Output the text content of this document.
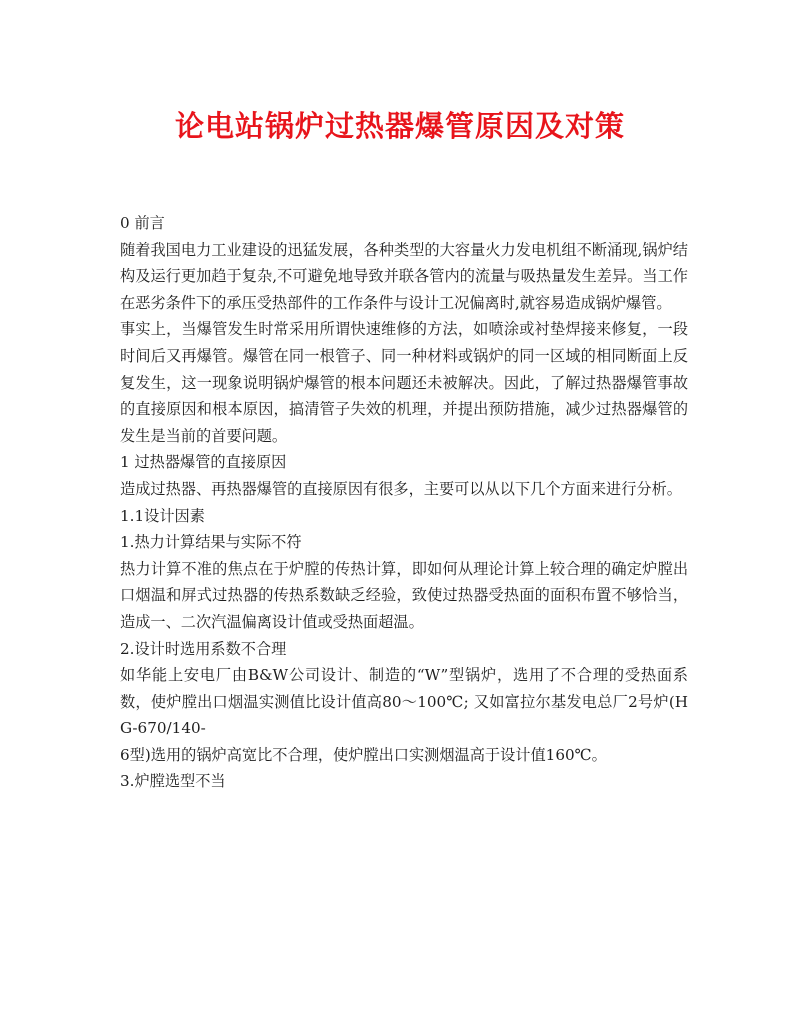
论电站锅炉过热器爆管原因及对策

0 前言

随着我国电力工业建设的迅猛发展，各种类型的大容量火力发电机组不断涌现,锅炉结构及运行更加趋于复杂,不可避免地导致并联各管内的流量与吸热量发生差异。当工作在恶劣条件下的承压受热部件的工作条件与设计工况偏离时,就容易造成锅炉爆管。

事实上，当爆管发生时常采用所谓快速维修的方法，如喷涂或衬垫焊接来修复，一段时间后又再爆管。爆管在同一根管子、同一种材料或锅炉的同一区域的相同断面上反复发生，这一现象说明锅炉爆管的根本问题还未被解决。因此，了解过热器爆管事故的直接原因和根本原因，搞清管子失效的机理，并提出预防措施，减少过热器爆管的发生是当前的首要问题。

1 过热器爆管的直接原因

造成过热器、再热器爆管的直接原因有很多，主要可以从以下几个方面来进行分析。

1.1设计因素

1.热力计算结果与实际不符

热力计算不准的焦点在于炉膛的传热计算，即如何从理论计算上较合理的确定炉膛出口烟温和屏式过热器的传热系数缺乏经验，致使过热器受热面的面积布置不够恰当，造成一、二次汽温偏离设计值或受热面超温。

2.设计时选用系数不合理

如华能上安电厂由B&W公司设计、制造的“W”型锅炉，选用了不合理的受热面系数，使炉膛出口烟温实测值比设计值高80～100℃; 又如富拉尔基发电总厂2号炉(HG-670/140-

6型)选用的锅炉高宽比不合理，使炉膛出口实测烟温高于设计值160℃。

3.炉膛选型不当
